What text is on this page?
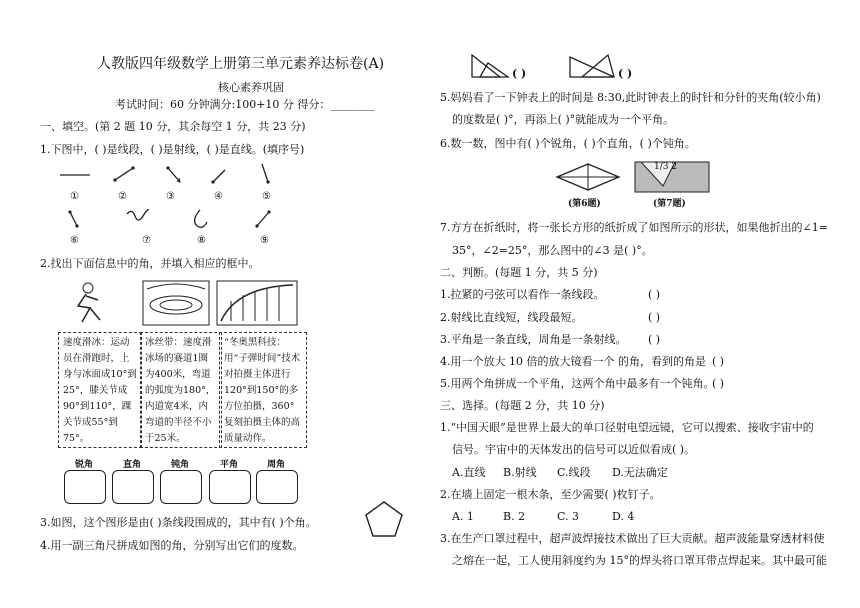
人教版四年级数学上册第三单元素养达标卷(A)
核心素养巩固
考试时间：60 分钟满分:100+10 分 得分：________
一、填空。(第 2 题 10 分，其余每空 1 分，共 23 分)
1.下图中，( )是线段，( )是射线，( )是直线。(填序号)
①	②	③	④	⑤
⑥	⑦	⑧	⑨
2.找出下面信息中的角，并填入相应的框中。
速度滑冰：运动员在滑跑时，上身与冰面成10°到25°，膝关节成90°到110°，踝关节成55°到75°。
冰丝带：速度滑冰场的赛道1圈为400米，弯道的弧度为180°，内道宽4米，内弯道的半径不小于25米。
“冬奥黑科技：用“子弹时间”技术对拍摄主体进行120°到150°的多方位拍摄，360°复刻拍摄主体的高质量动作。
锐角	直角	钝角	平角	周角
3.如图，这个图形是由( )条线段围成的，其中有( )个角。
4.用一副三角尺拼成如图的角，分别写出它们的度数。
( )	( )
5.妈妈看了一下钟表上的时间是 8:30,此时钟表上的时针和分针的夹角(较小角)
的度数是( )°，再添上( )°就能成为一个平角。
6.数一数，图中有( )个锐角，( )个直角，( )个钝角。
1/3 2
(第6题)	(第7题)
7.方方在折纸时，将一张长方形的纸折成了如图所示的形状，如果他折出的∠1=
35°，∠2=25°，那么图中的∠3 是( )°。
二、判断。(每题 1 分，共 5 分)
1.拉紧的弓弦可以看作一条线段。	( )
2.射线比直线短，线段最短。	( )
3.平角是一条直线，周角是一条射线。 ( )
4.用一个放大 10 倍的放大镜看一个 的角，看到的角是 ( )
5.用两个角拼成一个平角，这两个角中最多有一个钝角。
( )
三、选择。(每题 2 分，共 10 分)
1.“中国天眼”是世界上最大的单口径射电望远镜，它可以搜索、接收宇宙中的
信号。宇宙中的天体发出的信号可以近似看成( )。
A.直线 B.射线 C.线段 D.无法确定
2.在墙上固定一根木条，至少需要( )枚钉子。
A. 1	B. 2	C. 3	D. 4
3.在生产口罩过程中，超声波焊接技术做出了巨大贡献。超声波能量穿透材料使
之熔在一起，工人使用斜度约为 15°的焊头将口罩耳带点焊起来。其中最可能
